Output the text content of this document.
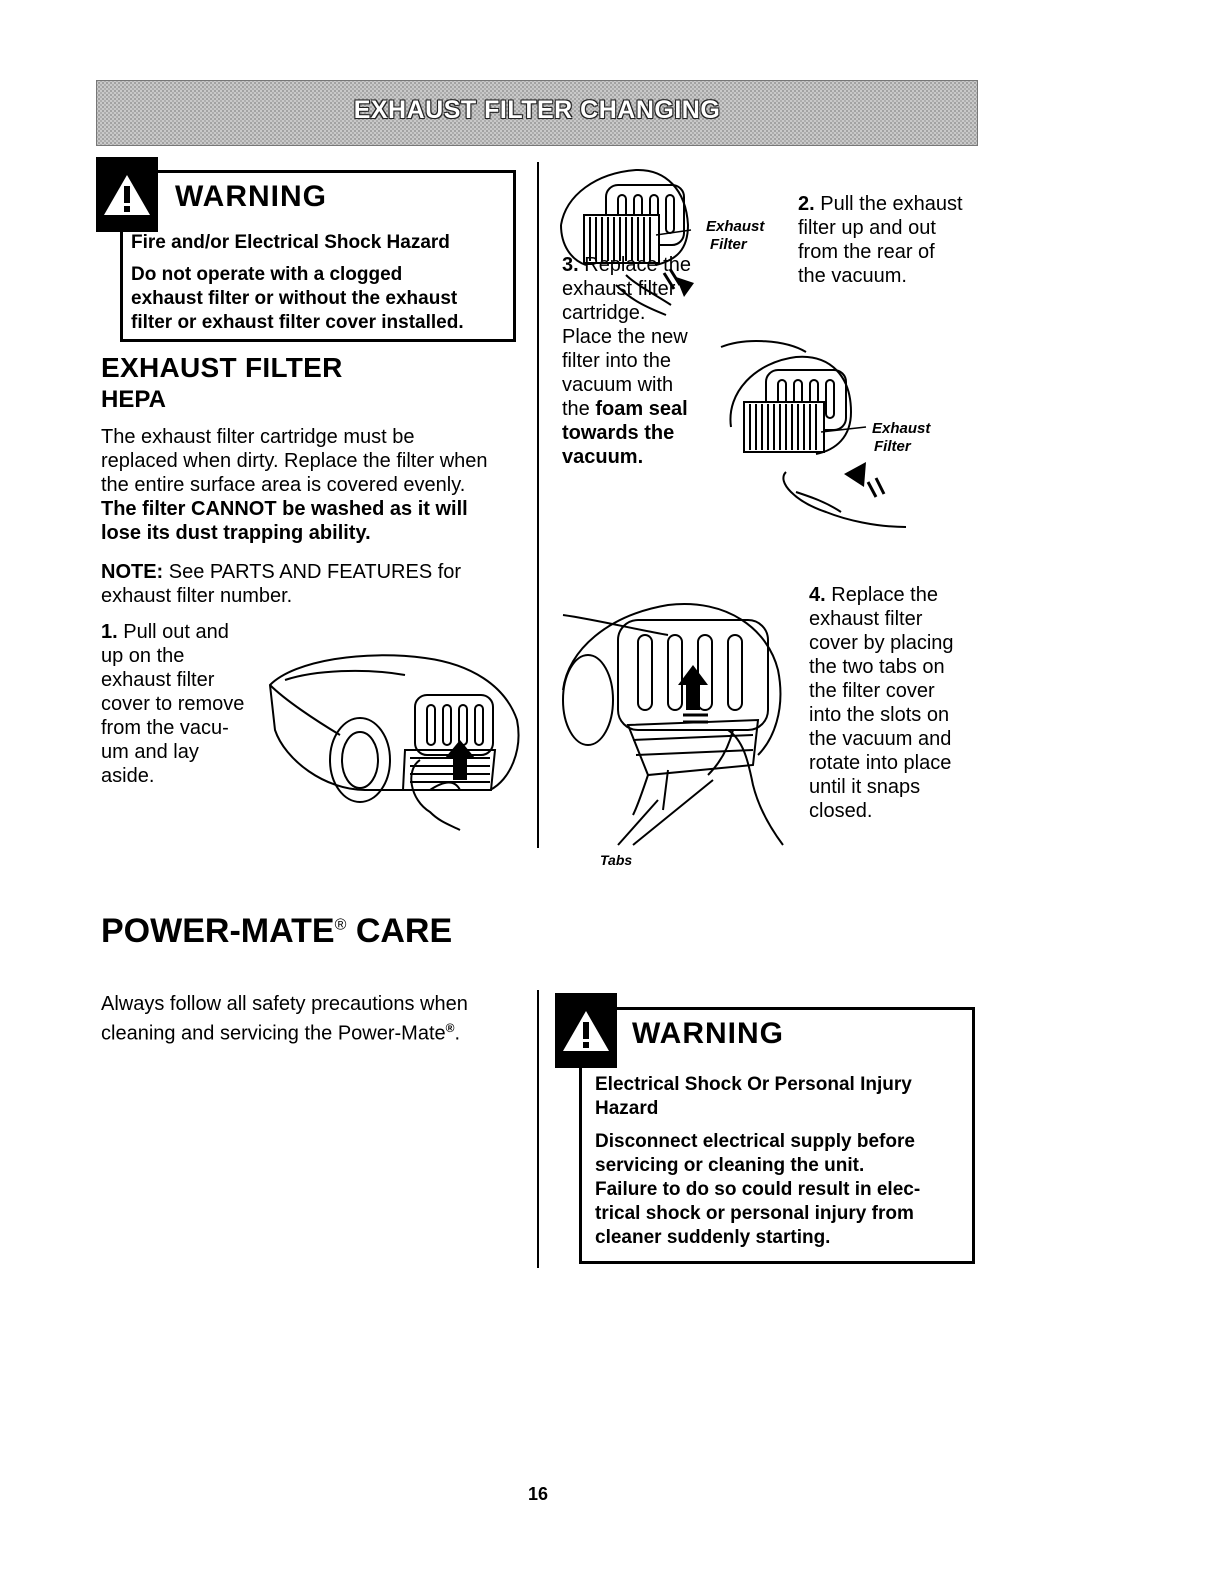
EXHAUST FILTER CHANGING
WARNING
Fire and/or Electrical Shock Hazard
Do not operate with a clogged
exhaust filter or without the exhaust
filter or exhaust filter cover installed.
EXHAUST FILTER
HEPA
The exhaust filter cartridge must be
replaced when dirty. Replace the filter when
the entire surface area is covered evenly.
The filter CANNOT be washed as it will
lose its dust trapping ability.
NOTE: See PARTS AND FEATURES for
exhaust filter number.
1. Pull out and
up on the
exhaust filter
cover to remove
from the vacu-
um and lay
aside.
Exhaust
Filter
2. Pull the exhaust
filter up and out
from the rear of
the vacuum.
3. Replace the
exhaust filter
cartridge.
Place the new
filter into the
vacuum with
the foam seal
towards the
vacuum.
Exhaust
Filter
Tabs
4. Replace the
exhaust filter
cover by placing
the two tabs on
the filter cover
into the slots on
the vacuum and
rotate into place
until it snaps
closed.
POWER-MATE® CARE
Always follow all safety precautions when
cleaning and servicing the Power-Mate®.	WARNING
Electrical Shock Or Personal Injury
Hazard
Disconnect electrical supply before
servicing or cleaning the unit.
Failure to do so could result in elec-
trical shock or personal injury from
cleaner suddenly starting.
16
